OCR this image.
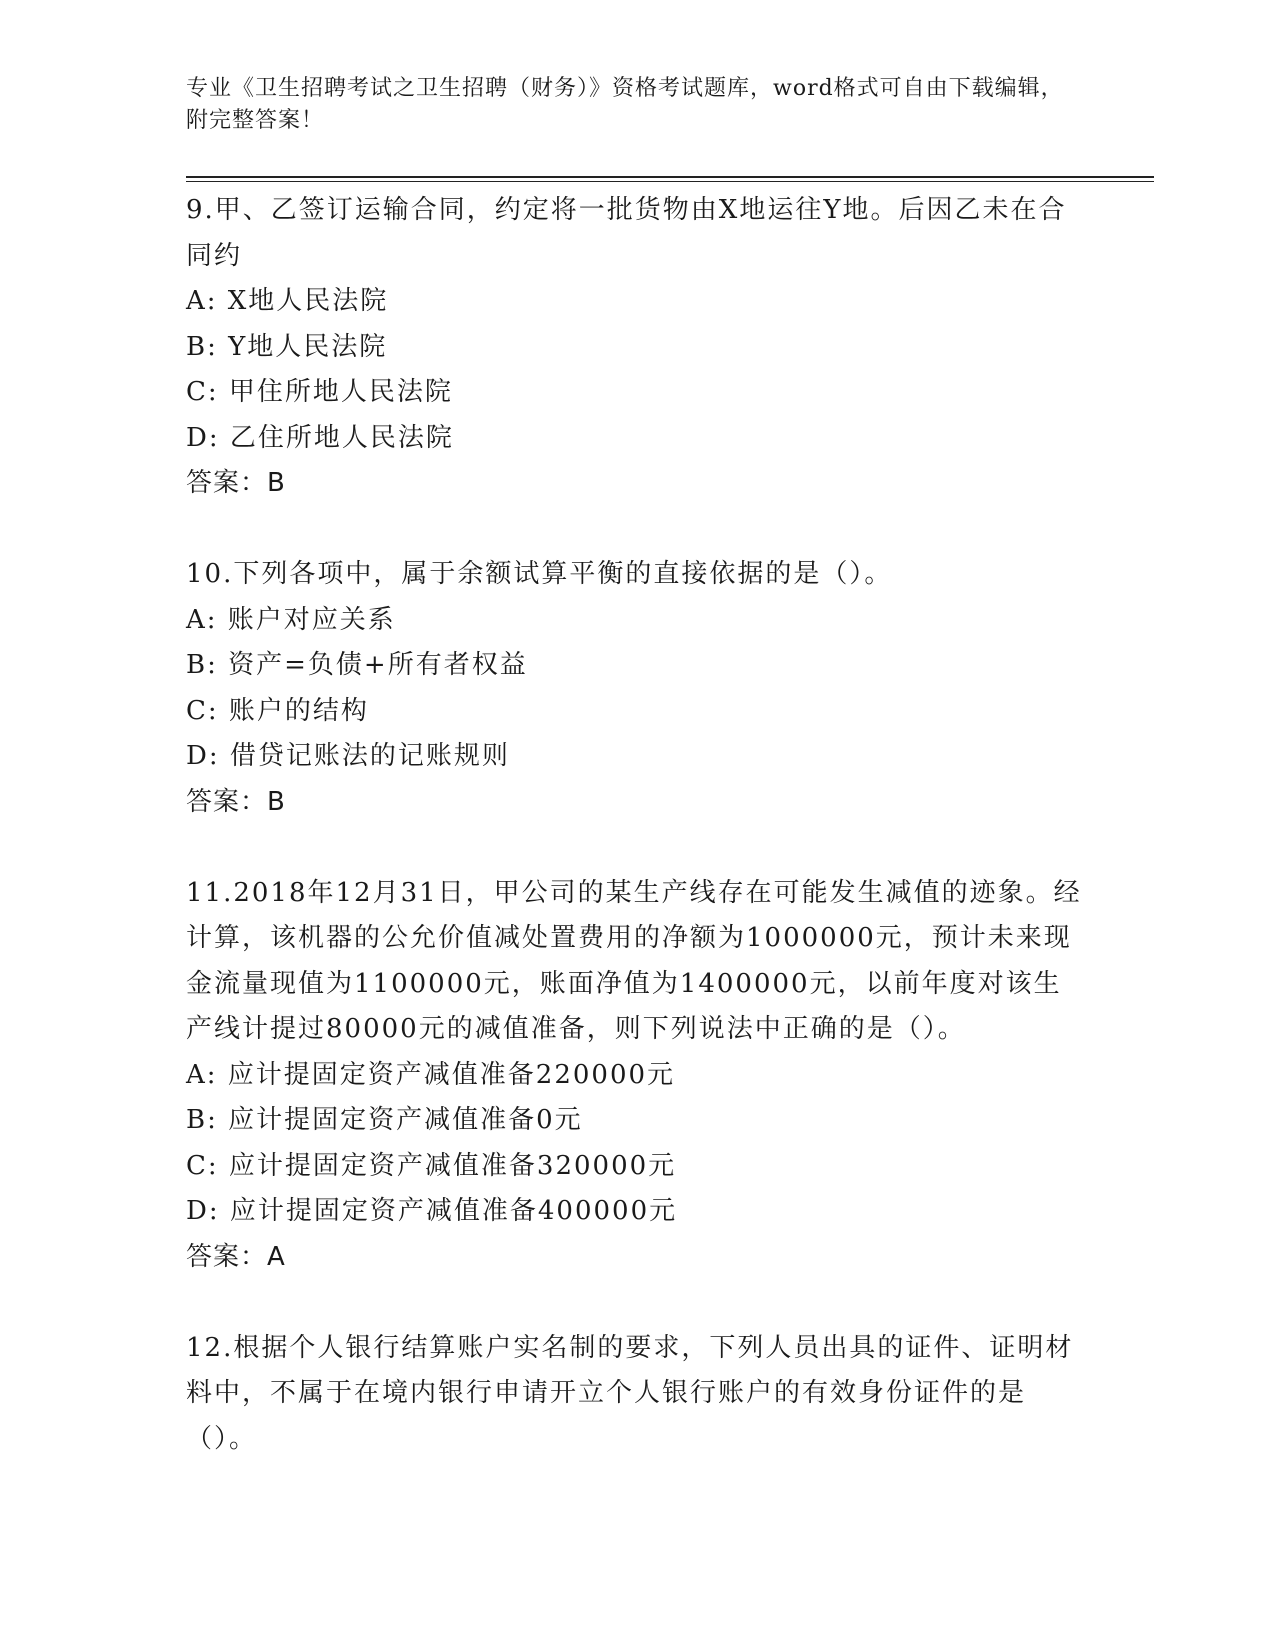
专业《卫生招聘考试之卫生招聘（财务）》资格考试题库，word格式可自由下载编辑，附完整答案！
9.甲、乙签订运输合同，约定将一批货物由X地运往Y地。后因乙未在合同约
A: X地人民法院
B: Y地人民法院
C: 甲住所地人民法院
D: 乙住所地人民法院
答案：B
10.下列各项中，属于余额试算平衡的直接依据的是（）。
A: 账户对应关系
B: 资产=负债+所有者权益
C: 账户的结构
D: 借贷记账法的记账规则
答案：B
11.2018年12月31日，甲公司的某生产线存在可能发生减值的迹象。经计算，该机器的公允价值减处置费用的净额为1000000元，预计未来现金流量现值为1100000元，账面净值为1400000元，以前年度对该生产线计提过80000元的减值准备，则下列说法中正确的是（）。
A: 应计提固定资产减值准备220000元
B: 应计提固定资产减值准备0元
C: 应计提固定资产减值准备320000元
D: 应计提固定资产减值准备400000元
答案：A
12.根据个人银行结算账户实名制的要求，下列人员出具的证件、证明材料中，不属于在境内银行申请开立个人银行账户的有效身份证件的是（）。
